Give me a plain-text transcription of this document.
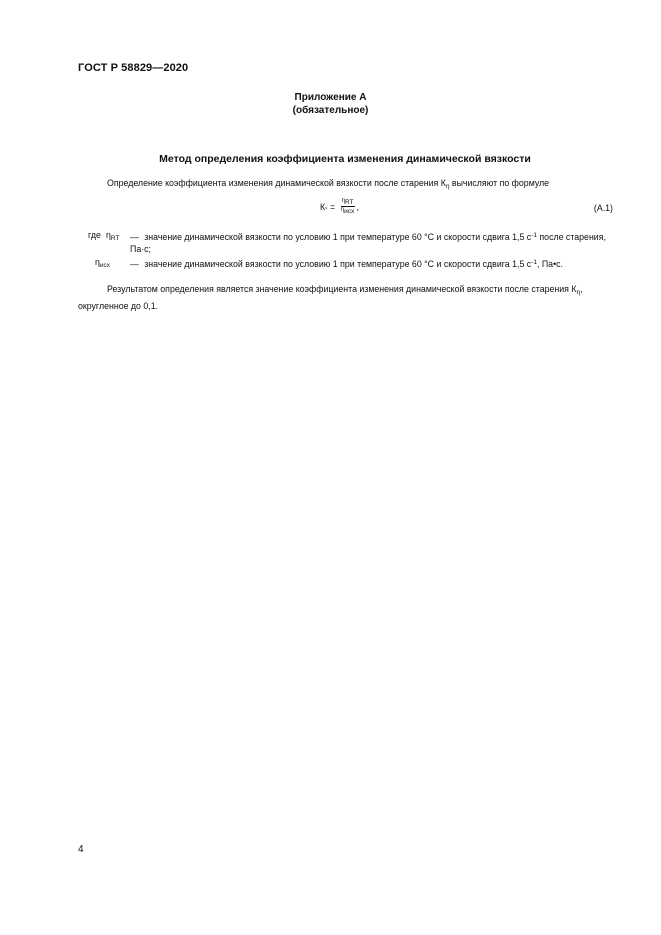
ГОСТ Р 58829—2020
Приложение А
(обязательное)
Метод определения коэффициента изменения динамической вязкости
Определение коэффициента изменения динамической вязкости после старения $К_\eta$ вычисляют по формуле
К $_s = \frac{\eta_{RT}}{\eta_{исх}}$ ,	(А.1)
где $\eta_{RT}$ — значение динамической вязкости по условию 1 при температуре 60 °С и скорости сдвига 1,5 $с^{-1}$ после старения, Па·с;
$\eta_{исх}$ — значение динамической вязкости по условию 1 при температуре 60 °С и скорости сдвига 1,5 $с^{-1}$, Па•с.
Результатом определения является значение коэффициента изменения динамической вязкости после старения $К_\eta$, округленное до 0,1.
4
